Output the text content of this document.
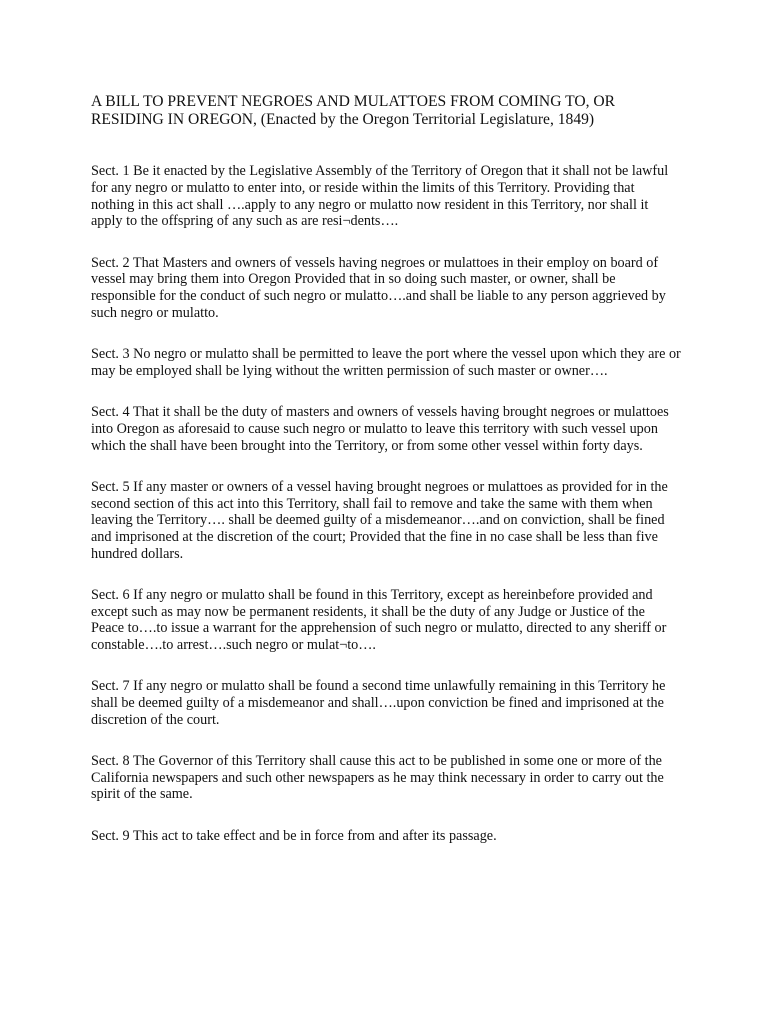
A BILL TO PREVENT NEGROES AND MULATTOES FROM COMING TO, OR RESIDING IN OREGON, (Enacted by the Oregon Territorial Legislature, 1849)

Sect. 1 Be it enacted by the Legislative Assembly of the Territory of Oregon that it shall not be lawful for any negro or mulatto to enter into, or reside within the limits of this Territory. Providing that nothing in this act shall ….apply to any negro or mulatto now resident in this Territory, nor shall it apply to the offspring of any such as are resi¬dents….

Sect. 2 That Masters and owners of vessels having negroes or mulattoes in their employ on board of vessel may bring them into Oregon Provided that in so doing such master, or owner, shall be responsible for the conduct of such negro or mulatto….and shall be liable to any person aggrieved by such negro or mulatto.

Sect. 3 No negro or mulatto shall be permitted to leave the port where the vessel upon which they are or may be employed shall be lying without the written permission of such master or owner….

Sect. 4 That it shall be the duty of masters and owners of vessels having brought negroes or mulattoes into Oregon as aforesaid to cause such negro or mulatto to leave this territory with such vessel upon which the shall have been brought into the Territory, or from some other vessel within forty days.

Sect. 5 If any master or owners of a vessel having brought negroes or mulattoes as provided for in the second section of this act into this Territory, shall fail to remove and take the same with them when leaving the Territory…. shall be deemed guilty of a misdemeanor….and on conviction, shall be fined and imprisoned at the discretion of the court; Provided that the fine in no case shall be less than five hundred dollars.

Sect. 6 If any negro or mulatto shall be found in this Territory, except as hereinbefore provided and except such as may now be permanent residents, it shall be the duty of any Judge or Justice of the Peace to….to issue a warrant for the apprehension of such negro or mulatto, directed to any sheriff or constable….to arrest….such negro or mulat¬to….

Sect. 7 If any negro or mulatto shall be found a second time unlawfully remaining in this Territory he shall be deemed guilty of a misdemeanor and shall….upon conviction be fined and imprisoned at the discretion of the court.

Sect. 8 The Governor of this Territory shall cause this act to be published in some one or more of the California newspapers and such other newspapers as he may think necessary in order to carry out the spirit of the same.

Sect. 9 This act to take effect and be in force from and after its passage.
